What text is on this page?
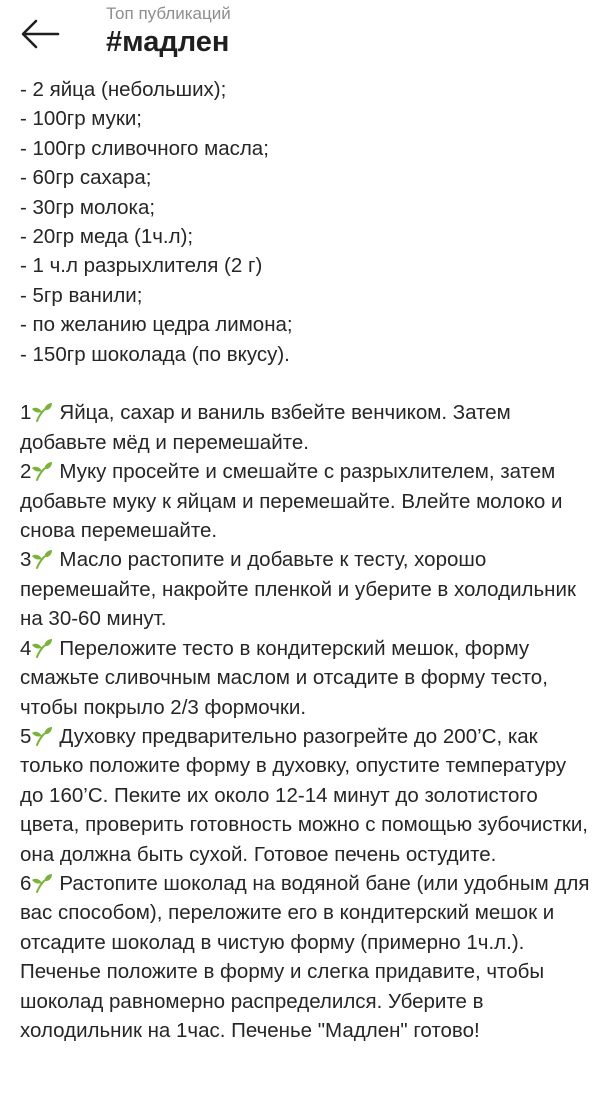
Топ публикаций
#мадлен
- 2 яйца (небольших);
- 100гр муки;
- 100гр сливочного масла;
- 60гр сахара;
- 30гр молока;
- 20гр меда (1ч.л);
- 1 ч.л разрыхлителя (2 г)
- 5гр ванили;
- по желанию цедра лимона;
- 150гр шоколада (по вкусу).
1 Яйца, сахар и ваниль взбейте венчиком. Затем добавьте мёд и перемешайте.
2 Муку просейте и смешайте с разрыхлителем, затем добавьте муку к яйцам и перемешайте. Влейте молоко и снова перемешайте.
3 Масло растопите и добавьте к тесту, хорошо перемешайте, накройте пленкой и уберите в холодильник на 30-60 минут.
4 Переложите тесто в кондитерский мешок, форму смажьте сливочным маслом и отсадите в форму тесто, чтобы покрыло 2/3 формочки.
5 Духовку предварительно разогрейте до 200’С, как только положите форму в духовку, опустите температуру до 160’С. Пеките их около 12-14 минут до золотистого цвета, проверить готовность можно с помощью зубочистки, она должна быть сухой. Готовое печень остудите.
6 Растопите шоколад на водяной бане (или удобным для вас способом), переложите его в кондитерский мешок и отсадите шоколад в чистую форму (примерно 1ч.л.). Печенье положите в форму и слегка придавите, чтобы шоколад равномерно распределился. Уберите в холодильник на 1час. Печенье "Мадлен" готово!
